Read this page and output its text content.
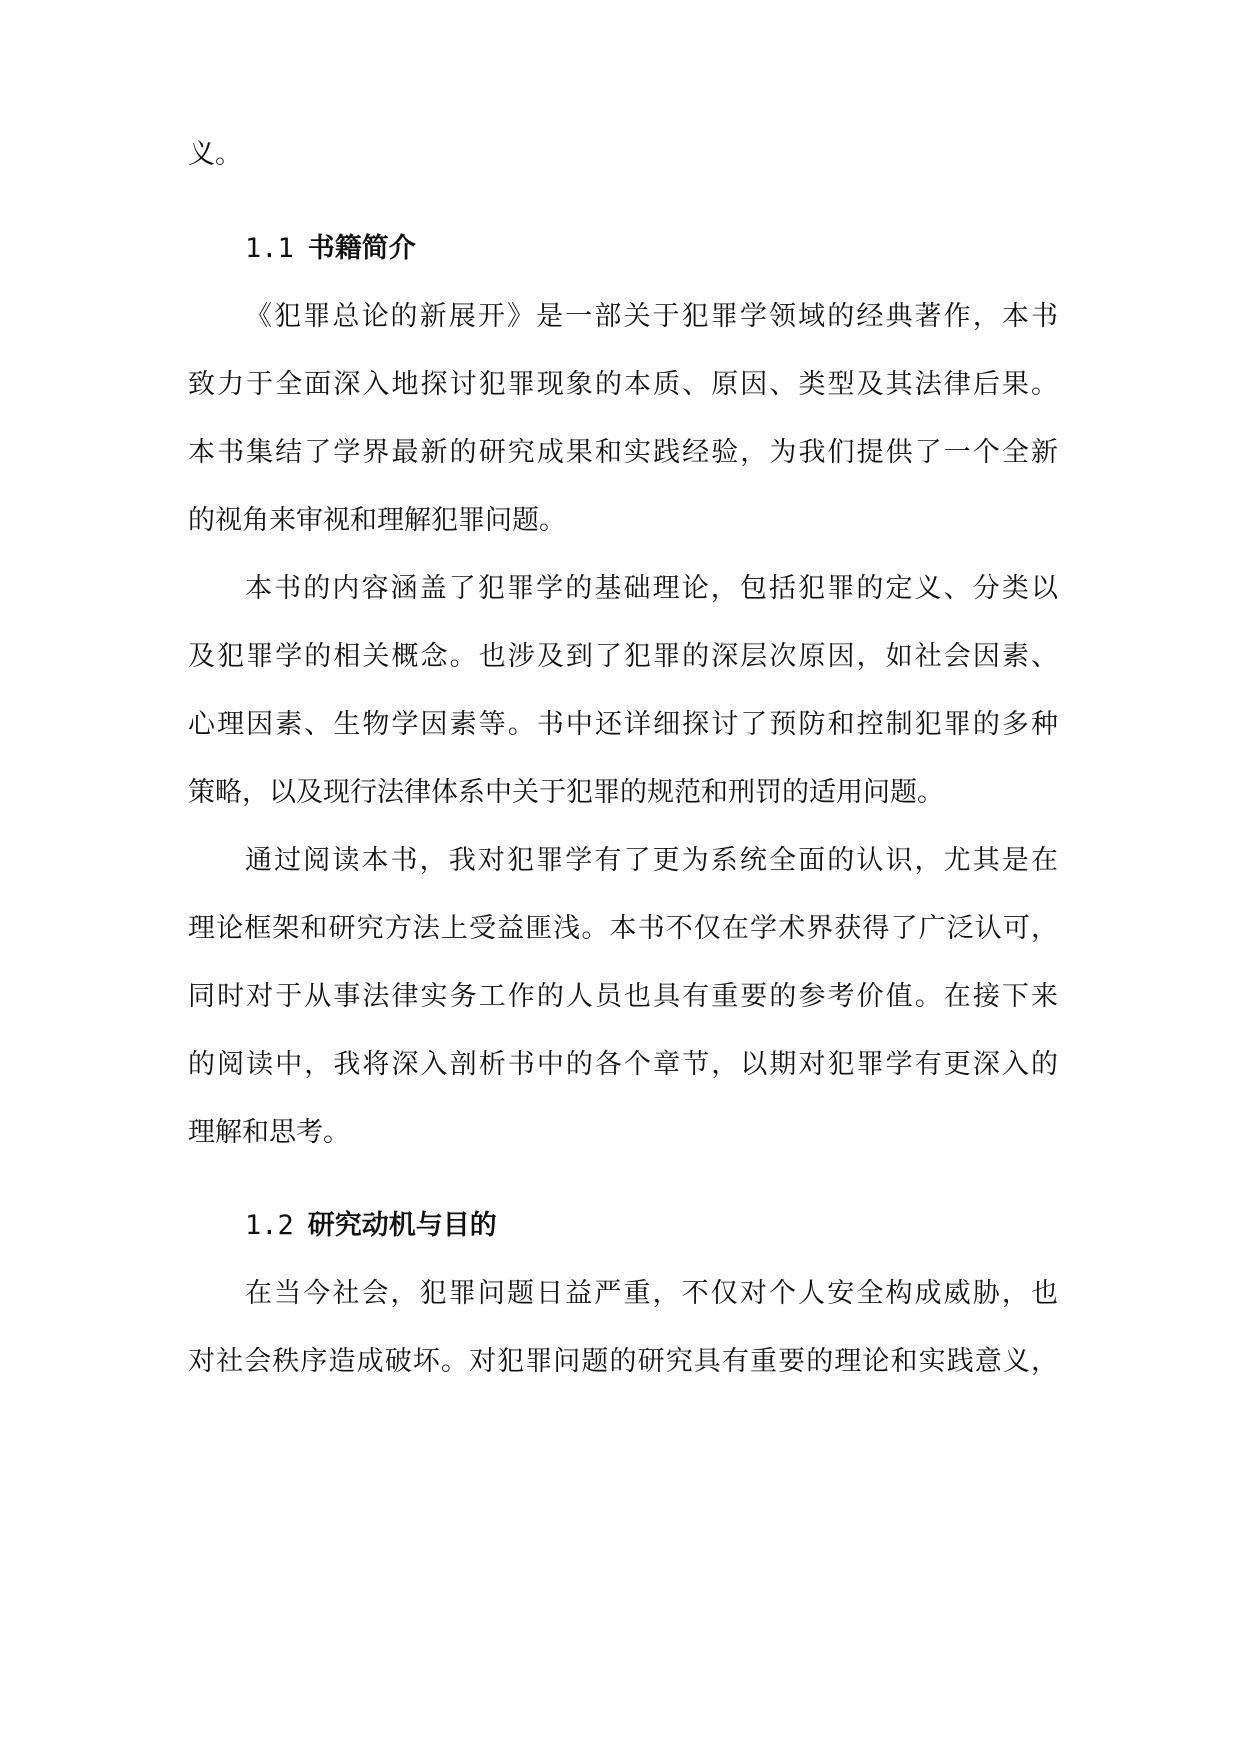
义。
1.1 书籍简介
《犯罪总论的新展开》是一部关于犯罪学领域的经典著作，本书
致力于全面深入地探讨犯罪现象的本质、原因、类型及其法律后果。
本书集结了学界最新的研究成果和实践经验，为我们提供了一个全新
的视角来审视和理解犯罪问题。
本书的内容涵盖了犯罪学的基础理论，包括犯罪的定义、分类以
及犯罪学的相关概念。也涉及到了犯罪的深层次原因，如社会因素、
心理因素、生物学因素等。书中还详细探讨了预防和控制犯罪的多种
策略，以及现行法律体系中关于犯罪的规范和刑罚的适用问题。
通过阅读本书，我对犯罪学有了更为系统全面的认识，尤其是在
理论框架和研究方法上受益匪浅。本书不仅在学术界获得了广泛认可，
同时对于从事法律实务工作的人员也具有重要的参考价值。在接下来
的阅读中，我将深入剖析书中的各个章节，以期对犯罪学有更深入的
理解和思考。
1.2 研究动机与目的
在当今社会，犯罪问题日益严重，不仅对个人安全构成威胁，也
对社会秩序造成破坏。对犯罪问题的研究具有重要的理论和实践意义，
